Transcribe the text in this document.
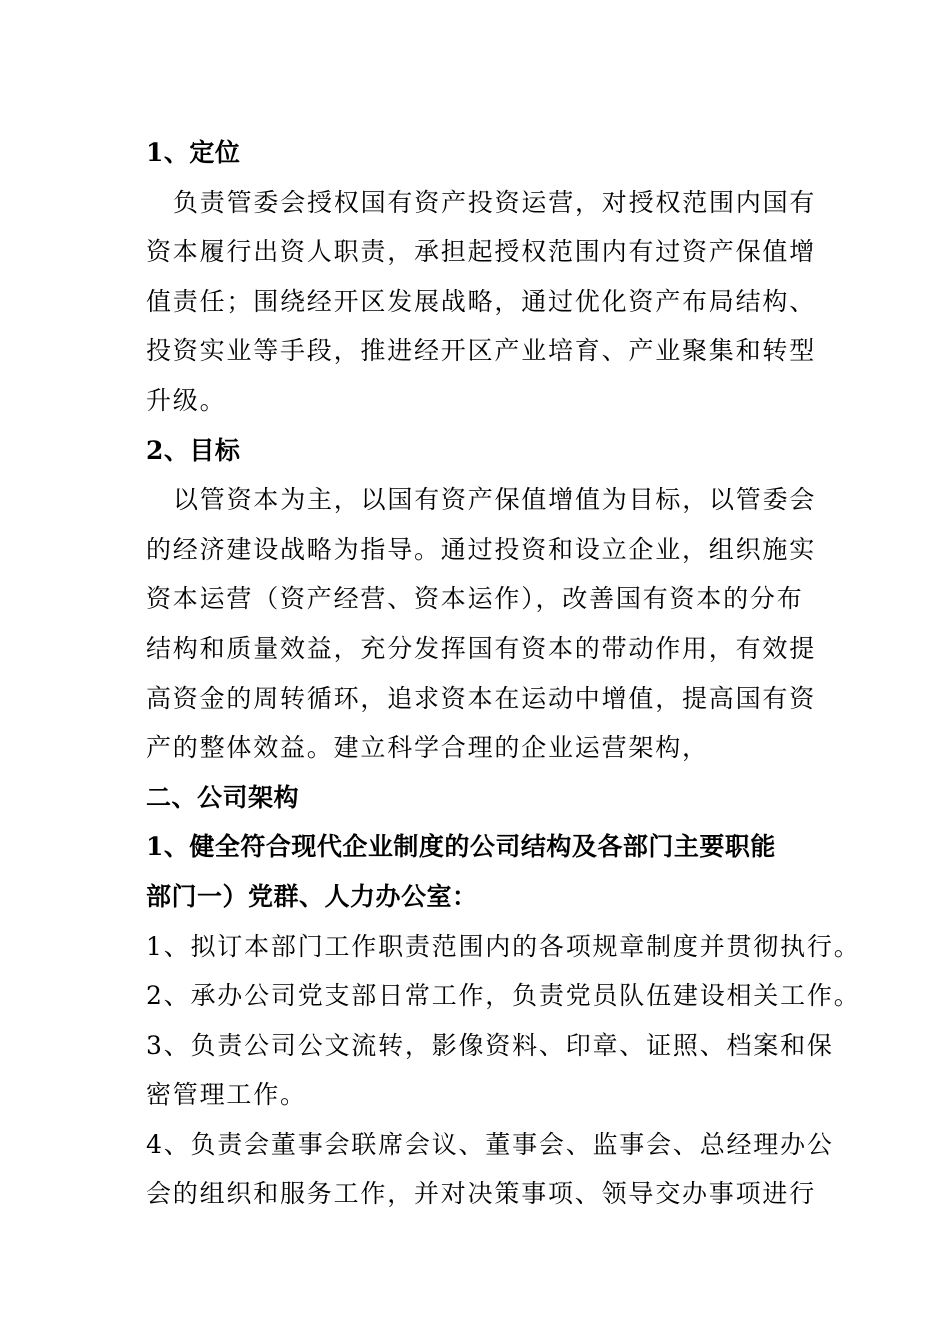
1、定位
负责管委会授权国有资产投资运营，对授权范围内国有
资本履行出资人职责，承担起授权范围内有过资产保值增
值责任；围绕经开区发展战略，通过优化资产布局结构、
投资实业等手段，推进经开区产业培育、产业聚集和转型
升级。
2、目标
以管资本为主，以国有资产保值增值为目标，以管委会
的经济建设战略为指导。通过投资和设立企业，组织施实
资本运营（资产经营、资本运作），改善国有资本的分布
结构和质量效益，充分发挥国有资本的带动作用，有效提
高资金的周转循环，追求资本在运动中增值，提高国有资
产的整体效益。建立科学合理的企业运营架构，
二、公司架构
1、健全符合现代企业制度的公司结构及各部门主要职能
部门一）党群、人力办公室：
1、拟订本部门工作职责范围内的各项规章制度并贯彻执行。
2、承办公司党支部日常工作，负责党员队伍建设相关工作。
3、负责公司公文流转，影像资料、印章、证照、档案和保
密管理工作。
4、负责会董事会联席会议、董事会、监事会、总经理办公
会的组织和服务工作，并对决策事项、领导交办事项进行
